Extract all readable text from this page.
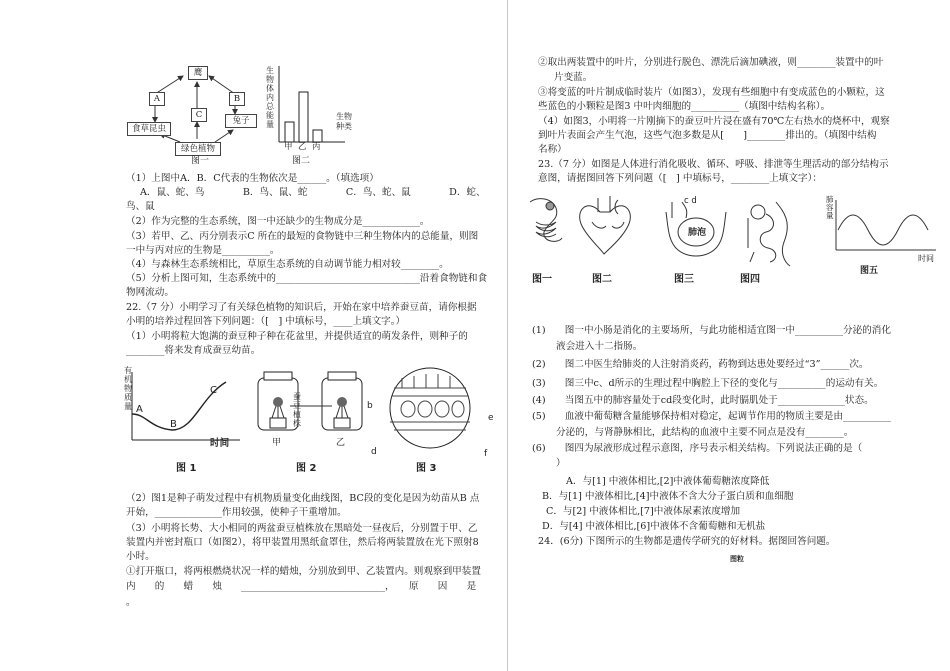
鹰
A	B
C
食草昆虫
兔子
绿色植物
图一
生物体内总能量
生物种类
甲 乙 丙
图二
（1）上图中A．B．C代表的生物依次是______。（填选项）
A．鼠、蛇、鸟　　　　B．鸟、鼠、蛇　　　　C．鸟、蛇、鼠　　　　D．蛇、
鸟、鼠
（2）作为完整的生态系统，图一中还缺少的生物成分是____________。
（3）若甲、乙、丙分别表示C 所在的最短的食物链中三种生物体内的总能量，则图
一中与丙对应的生物是__________。
（4）与森林生态系统相比，草原生态系统的自动调节能力相对较________。
（5）分析上图可知，生态系统中的______________________________沿着食物链和食
物网流动。
22.（7 分）小明学习了有关绿色植物的知识后，开始在家中培养蚕豆苗，请你根据
小明的培养过程回答下列问题：（[　] 中填标号，____上填文字。）
（1）小明将粒大饱满的蚕豆种子种在花盆里，并提供适宜的萌发条件，则种子的
________将来发育成蚕豆幼苗。
有机物质量 A
B
C
时间
图 1
蚕豆植株
甲	乙
图 2
b
e
d	f
图 3
（2）图1是种子萌发过程中有机物质量变化曲线图，BC段的变化是因为幼苗从B 点
开始，______________作用较强，使种子干重增加。
（3）小明将长势、大小相同的两盆蚕豆植株放在黑暗处一昼夜后，分别置于甲、乙
装置内并密封瓶口（如图2），将甲装置用黑纸盒罩住，然后将两装置放在光下照射8
小时。
①打开瓶口，将两根燃烧状况一样的蜡烛，分别放到甲、乙装置内。则观察到甲装置
内　　的　　蜡　　烛　　______________________________，　　原　　因　　是
。
②取出两装置中的叶片，分别进行脱色、漂洗后滴加碘液，则________装置中的叶
片变蓝。
③将变蓝的叶片制成临时装片（如图3），发现有些细胞中有变成蓝色的小颗粒，这
些蓝色的小颗粒是图3 中叶肉细胞的__________（填图中结构名称）。
（4）如图3，小明将一片刚摘下的蚕豆叶片浸在盛有70℃左右热水的烧杯中，观察
到叶片表面会产生气泡，这些气泡多数是从[　　]________排出的。（填图中结构
名称）
23.（7 分）如图是人体进行消化吸收、循环、呼吸、排泄等生理活动的部分结构示
意图，请据图回答下列问题（[　] 中填标号，________上填文字）：
肺泡
c d	肺容量
时间
图一	图二	图三	图四
图五
(1)　　图一中小肠是消化的主要场所，与此功能相适宜图一中__________分泌的消化
液会进入十二指肠。
(2)　　图二中医生给肺炎的人注射消炎药，药物到达患处要经过“3”______次。
(3)　　图三中c、d所示的生理过程中胸腔上下径的变化与__________的运动有关。
(4)　　当图五中的肺容量处于cd段变化时，此时膈肌处于______________状态。
(5)　　血液中葡萄糖含量能够保持相对稳定，起调节作用的物质主要是由__________
分泌的，与肾静脉相比，此结构的血液中主要不同点是没有________。
(6)　　图四为尿液形成过程示意图，序号表示相关结构。下列说法正确的是（
）
A．与[1] 中液体相比,[2]中液体葡萄糖浓度降低
B．与[1] 中液体相比,[4]中液体不含大分子蛋白质和血细胞
C．与[2] 中液体相比,[7]中液体尿素浓度增加
D．与[4] 中液体相比,[6]中液体不含葡萄糖和无机盐
24．(6分) 下图所示的生物都是遗传学研究的好材料。据图回答问题。
图粒
